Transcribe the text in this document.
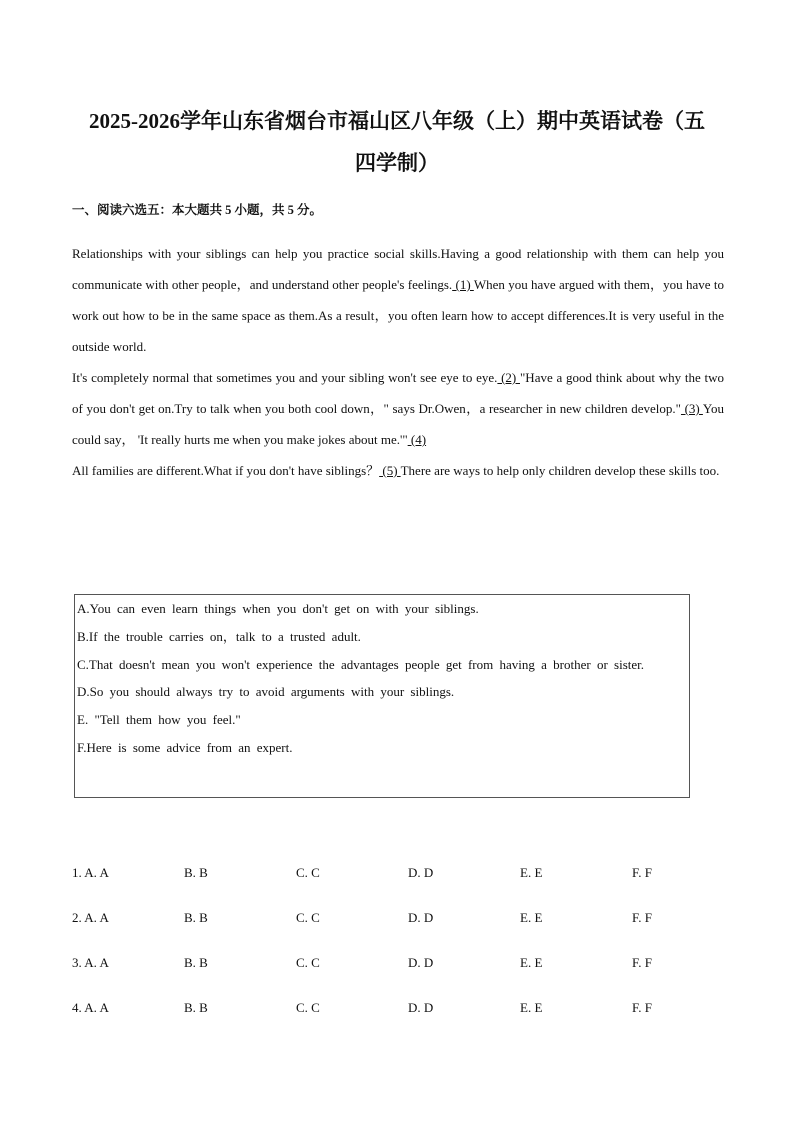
2025-2026学年山东省烟台市福山区八年级（上）期中英语试卷（五
四学制）
一、阅读六选五：本大题共 5 小题，共 5 分。

Relationships with your siblings can help you practice social skills.Having a good relationship with them can help you communicate with other people，and understand other people's feelings. (1) When you have argued with them，you have to work out how to be in the same space as them.As a result，you often learn how to accept differences.It is very useful in the outside world.

It's completely normal that sometimes you and your sibling won't see eye to eye. (2) "Have a good think about why the two of you don't get on.Try to talk when you both cool down，" says Dr.Owen，a researcher in new children develop." (3) You could say， 'It really hurts me when you make jokes about me.'" (4)

All families are different.What if you don't have siblings？ (5) There are ways to help only children develop these skills too.

A.You can even learn things when you don't get on with your siblings.
B.If the trouble carries on，talk to a trusted adult.
C.That doesn't mean you won't experience the advantages people get from having a brother or sister.
D.So you should always try to avoid arguments with your siblings.
E. "Tell them how you feel."
F.Here is some advice from an expert.
1. A. A	B. B	C. C	D. D	E. E	F. F
2. A. A	B. B	C. C	D. D	E. E	F. F
3. A. A	B. B	C. C	D. D	E. E	F. F
4. A. A	B. B	C. C	D. D	E. E	F. F
